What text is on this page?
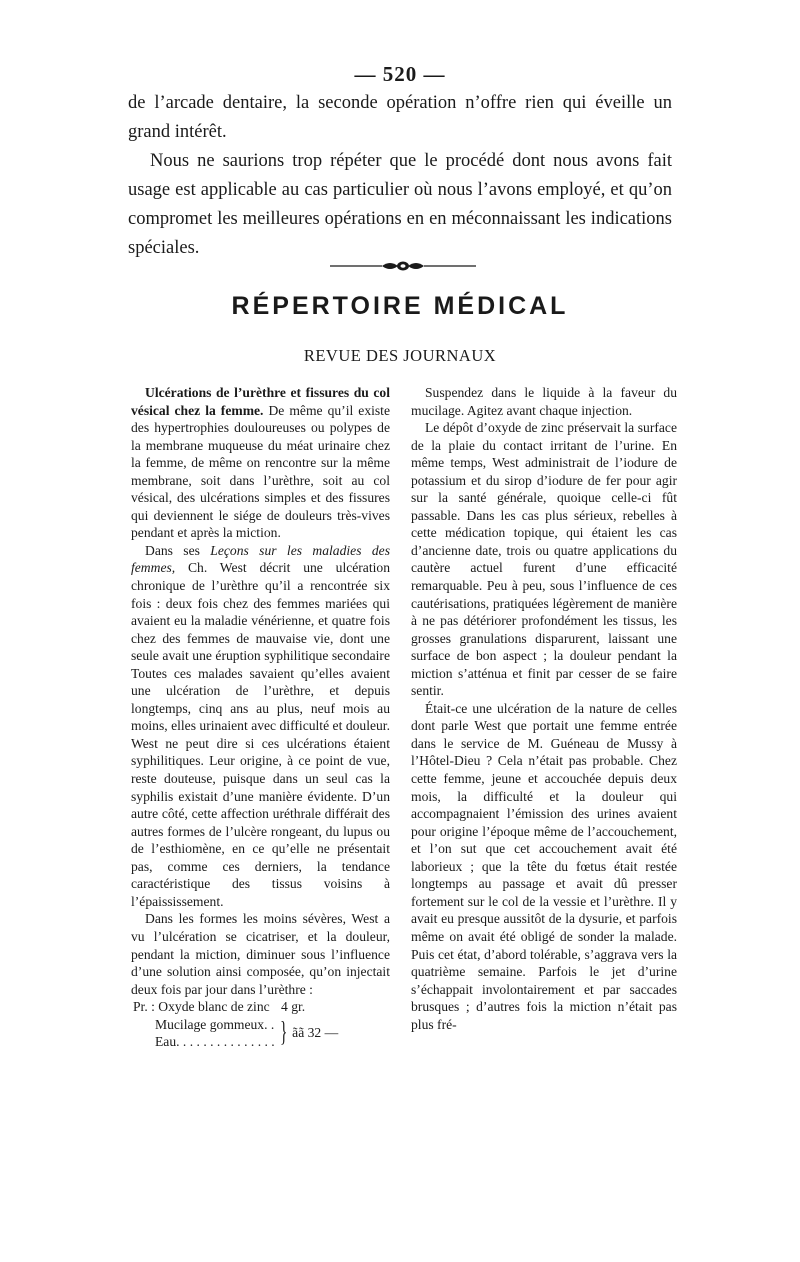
— 520 —

de l’arcade dentaire, la seconde opération n’offre rien qui éveille un grand intérêt.

Nous ne saurions trop répéter que le procédé dont nous avons fait usage est applicable au cas particulier où nous l’avons employé, et qu’on compromet les meilleures opérations en en méconnaissant les indications spéciales.

RÉPERTOIRE MÉDICAL
REVUE DES JOURNAUX

Ulcérations de l’urèthre et fissures du col vésical chez la femme. De même qu’il existe des hypertrophies douloureuses ou polypes de la membrane muqueuse du méat urinaire chez la femme, de même on rencontre sur la même membrane, soit dans l’urèthre, soit au col vésical, des ulcérations simples et des fissures qui deviennent le siége de douleurs très-vives pendant et après la miction.

Dans ses Leçons sur les maladies des femmes, Ch. West décrit une ulcération chronique de l’urèthre qu’il a rencontrée six fois : deux fois chez des femmes mariées qui avaient eu la maladie vénérienne, et quatre fois chez des femmes de mauvaise vie, dont une seule avait une éruption syphilitique secondaire Toutes ces malades savaient qu’elles avaient une ulcération de l’urèthre, et depuis longtemps, cinq ans au plus, neuf mois au moins, elles urinaient avec difficulté et douleur. West ne peut dire si ces ulcérations étaient syphilitiques. Leur origine, à ce point de vue, reste douteuse, puisque dans un seul cas la syphilis existait d’une manière évidente. D’un autre côté, cette affection uréthrale différait des autres formes de l’ulcère rongeant, du lupus ou de l’esthiomène, en ce qu’elle ne présentait pas, comme ces derniers, la tendance caractéristique des tissus voisins à l’épaississement.

Dans les formes les moins sévères, West a vu l’ulcération se cicatriser, et la douleur, pendant la miction, diminuer sous l’influence d’une solution ainsi composée, qu’on injectait deux fois par jour dans l’urèthre :

Pr. : Oxyde blanc de zinc 4 gr.
Mucilage gommeux. .
Eau. . . . . . . . . . . . . . . } ãã 32 —

Suspendez dans le liquide à la faveur du mucilage. Agitez avant chaque injection.

Le dépôt d’oxyde de zinc préservait la surface de la plaie du contact irritant de l’urine. En même temps, West administrait de l’iodure de potassium et du sirop d’iodure de fer pour agir sur la santé générale, quoique celle-ci fût passable. Dans les cas plus sérieux, rebelles à cette médication topique, qui étaient les cas d’ancienne date, trois ou quatre applications du cautère actuel furent d’une efficacité remarquable. Peu à peu, sous l’influence de ces cautérisations, pratiquées légèrement de manière à ne pas détériorer profondément les tissus, les grosses granulations disparurent, laissant une surface de bon aspect ; la douleur pendant la miction s’atténua et finit par cesser de se faire sentir.

Était-ce une ulcération de la nature de celles dont parle West que portait une femme entrée dans le service de M. Guéneau de Mussy à l’Hôtel-Dieu ? Cela n’était pas probable. Chez cette femme, jeune et accouchée depuis deux mois, la difficulté et la douleur qui accompagnaient l’émission des urines avaient pour origine l’époque même de l’accouchement, et l’on sut que cet accouchement avait été laborieux ; que la tête du fœtus était restée longtemps au passage et avait dû presser fortement sur le col de la vessie et l’urèthre. Il y avait eu presque aussitôt de la dysurie, et parfois même on avait été obligé de sonder la malade. Puis cet état, d’abord tolérable, s’aggrava vers la quatrième semaine. Parfois le jet d’urine s’échappait involontairement et par saccades brusques ; d’autres fois la miction n’était pas plus fré-
